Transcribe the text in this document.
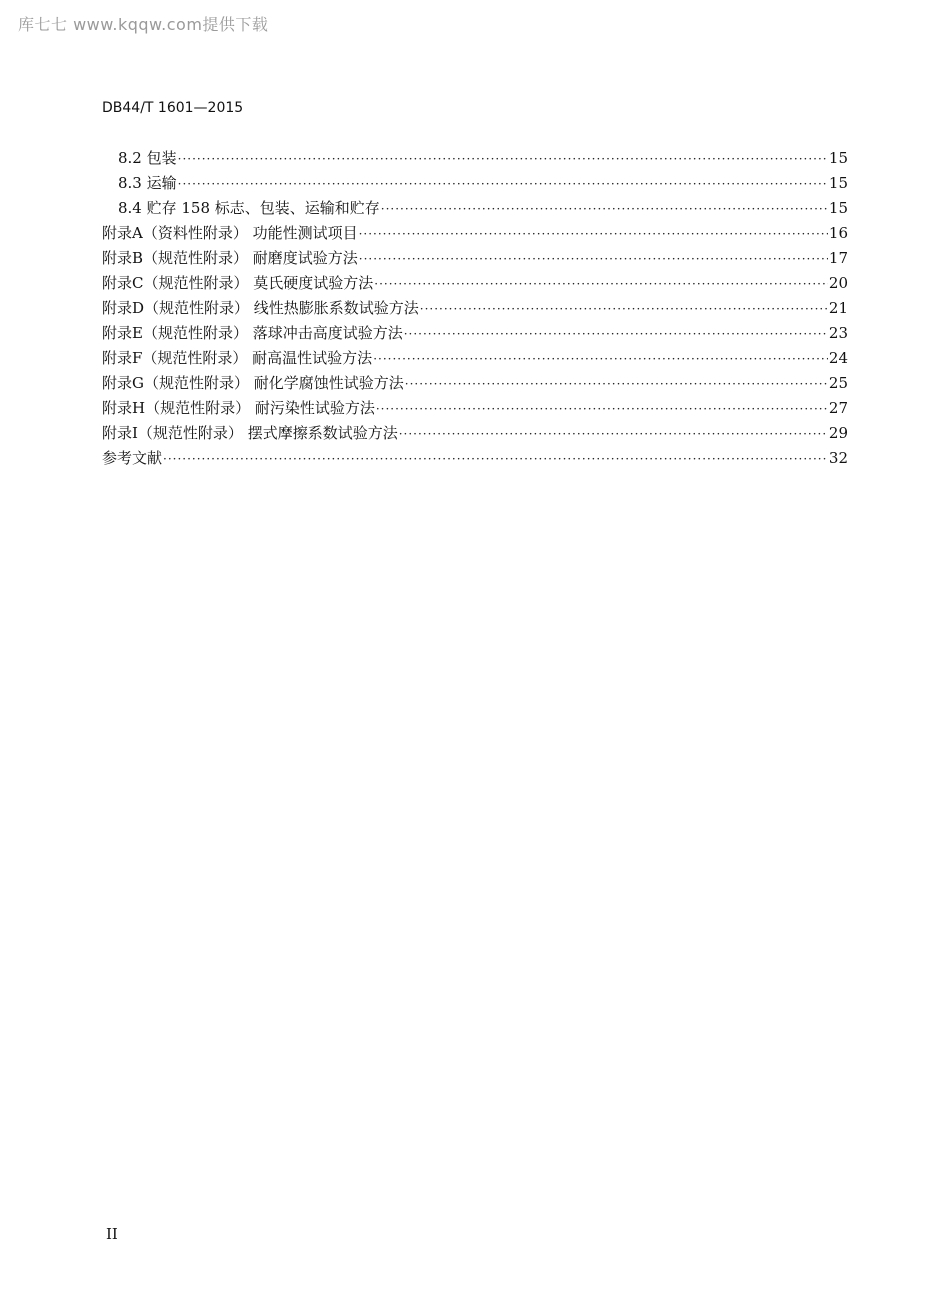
库七七 www.kqqw.com提供下载
DB44/T 1601—2015
8.2 包装 ·····	15
8.3 运输 ·····	15
8.4 贮存 158 标志、包装、运输和贮存 ·····	15
附录A（资料性附录） 功能性测试项目 ·····	16
附录B（规范性附录） 耐磨度试验方法 ·····	17
附录C（规范性附录） 莫氏硬度试验方法 ·····	20
附录D（规范性附录） 线性热膨胀系数试验方法 ·····	21
附录E（规范性附录） 落球冲击高度试验方法 ·····	23
附录F（规范性附录） 耐高温性试验方法 ·····	24
附录G（规范性附录） 耐化学腐蚀性试验方法 ·····	25
附录H（规范性附录） 耐污染性试验方法 ·····	27
附录I（规范性附录） 摆式摩擦系数试验方法 ·····	29
参考文献 ·····	32
II
